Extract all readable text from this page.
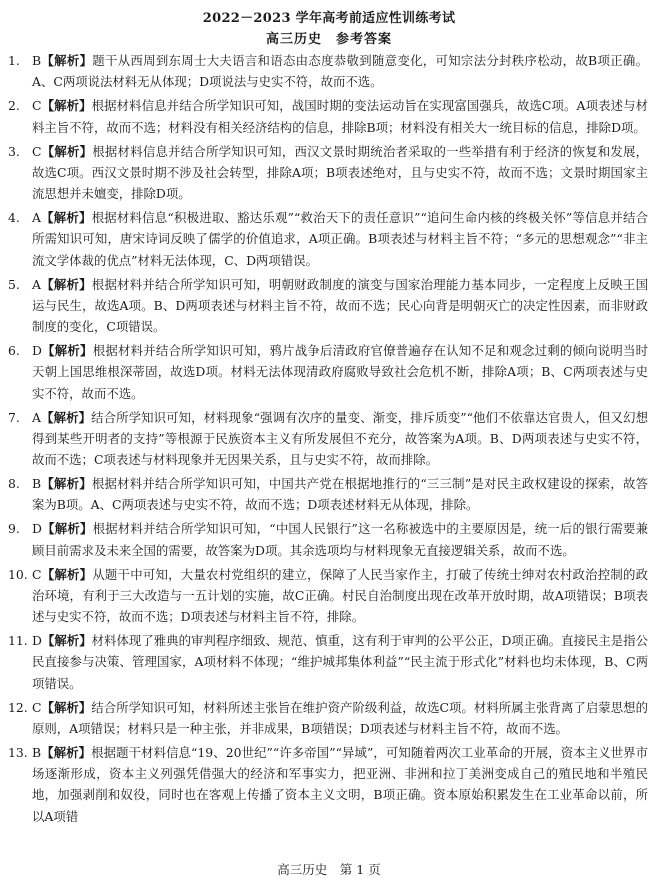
2022－2023 学年高考前适应性训练考试
高三历史　参考答案
1. B【解析】题干从西周到东周士大夫语言和语态由态度恭敬到随意变化，可知宗法分封秩序松动，故B项正确。A、C两项说法材料无从体现；D项说法与史实不符，故而不选。
2. C【解析】根据材料信息并结合所学知识可知，战国时期的变法运动旨在实现富国强兵，故选C项。A项表述与材料主旨不符，故而不选；材料没有相关经济结构的信息，排除B项；材料没有相关大一统目标的信息，排除D项。
3. C【解析】根据材料信息并结合所学知识可知，西汉文景时期统治者采取的一些举措有利于经济的恢复和发展，故选C项。西汉文景时期不涉及社会转型，排除A项；B项表述绝对，且与史实不符，故而不选；文景时期国家主流思想并未嬗变，排除D项。
4. A【解析】根据材料信息“积极进取、豁达乐观”“救治天下的责任意识”“追问生命内核的终极关怀”等信息并结合所需知识可知，唐宋诗词反映了儒学的价值追求，A项正确。B项表述与材料主旨不符；“多元的思想观念”“非主流文学体裁的优点”材料无法体现，C、D两项错误。
5. A【解析】根据材料并结合所学知识可知，明朝财政制度的演变与国家治理能力基本同步，一定程度上反映王国运与民生，故选A项。B、D两项表述与材料主旨不符，故而不选；民心向背是明朝灭亡的决定性因素，而非财政制度的变化，C项错误。
6. D【解析】根据材料并结合所学知识可知，鸦片战争后清政府官僚普遍存在认知不足和观念过剩的倾向说明当时天朝上国思维根深蒂固，故选D项。材料无法体现清政府腐败导致社会危机不断，排除A项；B、C两项表述与史实不符，故而不选。
7. A【解析】结合所学知识可知，材料现象“强调有次序的量变、渐变，排斥质变”“他们不依靠达官贵人，但又幻想得到某些开明者的支持”等根源于民族资本主义有所发展但不充分，故答案为A项。B、D两项表述与史实不符，故而不选；C项表述与材料现象并无因果关系，且与史实不符，故而排除。
8. B【解析】根据材料并结合所学知识可知，中国共产党在根据地推行的“三三制”是对民主政权建设的探索，故答案为B项。A、C两项表述与史实不符，故而不选；D项表述材料无从体现，排除。
9. D【解析】根据材料并结合所学知识可知，“中国人民银行”这一名称被选中的主要原因是，统一后的银行需要兼顾目前需求及未来全国的需要，故答案为D项。其余选项均与材料现象无直接逻辑关系，故而不选。
10. C【解析】从题干中可知，大量农村党组织的建立，保障了人民当家作主，打破了传统士绅对农村政治控制的政治环境，有利于三大改造与一五计划的实施，故C正确。村民自治制度出现在改革开放时期，故A项错误；B项表述与史实不符，故而不选；D项表述与材料主旨不符，排除。
11. D【解析】材料体现了雅典的审判程序细致、规范、慎重，这有利于审判的公平公正，D项正确。直接民主是指公民直接参与决策、管理国家，A项材料不体现；“维护城邦集体利益”“民主流于形式化”材料也均未体现，B、C两项错误。
12. C【解析】结合所学知识可知，材料所述主张旨在维护资产阶级利益，故选C项。材料所属主张背离了启蒙思想的原则，A项错误；材料只是一种主张，并非成果，B项错误；D项表述与材料主旨不符，故而不选。
13. B【解析】根据题干材料信息“19、20世纪”“许多帝国”“异域”，可知随着两次工业革命的开展，资本主义世界市场逐渐形成，资本主义列强凭借强大的经济和军事实力，把亚洲、非洲和拉丁美洲变成自己的殖民地和半殖民地，加强剥削和奴役，同时也在客观上传播了资本主义文明，B项正确。资本原始积累发生在工业革命以前，所以A项错
高三历史　第 1 页
